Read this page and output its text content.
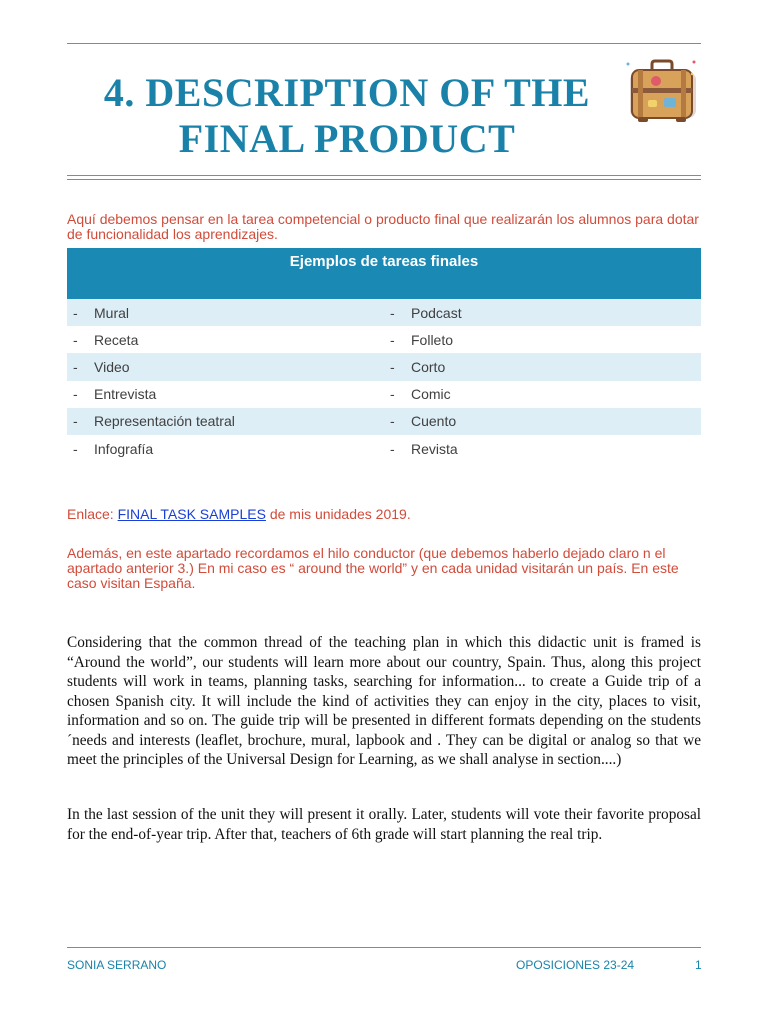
4. DESCRIPTION OF THE
FINAL PRODUCT
Aquí debemos pensar en la tarea competencial o producto final que realizarán los alumnos para dotar de funcionalidad los aprendizajes.
Ejemplos de tareas finales
-	Mural	-	Podcast
-	Receta	-	Folleto
-	Video	-	Corto
-	Entrevista	-	Comic
-	Representación teatral	-	Cuento
-	Infografía	-	Revista
Enlace: FINAL TASK SAMPLES de mis unidades 2019.
Además, en este apartado recordamos el hilo conductor (que debemos haberlo dejado claro n el apartado anterior 3.) En mi caso es “ around the world” y en cada unidad visitarán un país. En este caso visitan España.
Considering that the common thread of the teaching plan in which this didactic unit is framed is “Around the world”, our students will learn more about our country, Spain. Thus, along this project students will work in teams, planning tasks, searching for information... to create a Guide trip of a chosen Spanish city. It will include the kind of activities they can enjoy in the city, places to visit, information and so on. The guide trip will be presented in different formats depending on the students´needs and interests (leaflet, brochure, mural, lapbook and . They can be digital or analog so that we meet the principles of the Universal Design for Learning, as we shall analyse in section....)
In the last session of the unit they will present it orally. Later, students will vote their favorite proposal for the end-of-year trip. After that, teachers of 6th grade will start planning the real trip.
SONIA SERRANO	OPOSICIONES 23-24	1
